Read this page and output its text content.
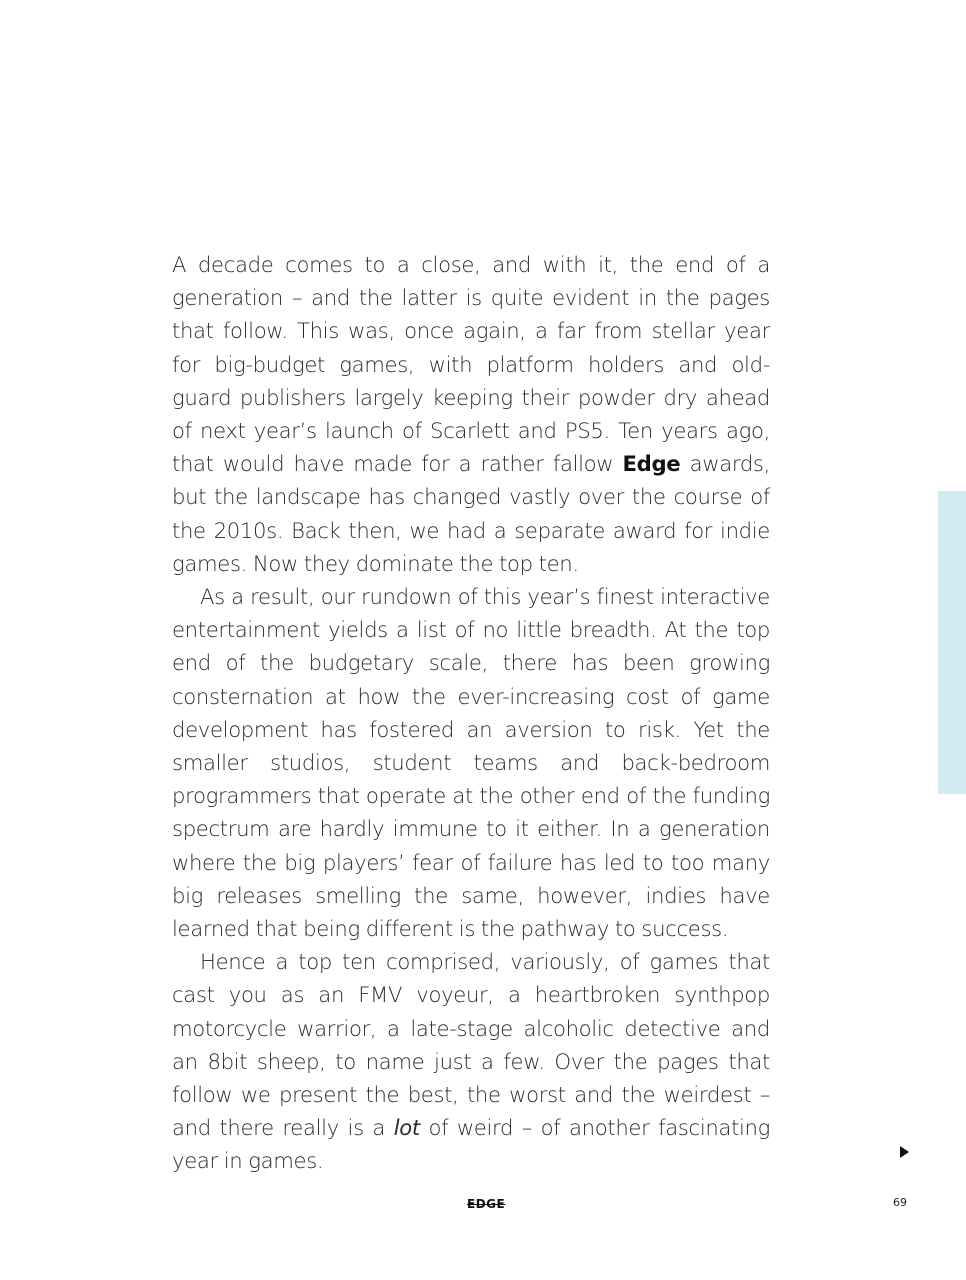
A decade comes to a close, and with it, the end of a generation – and the latter is quite evident in the pages that follow. This was, once again, a far from stellar year for big-budget games, with platform holders and old-guard publishers largely keeping their powder dry ahead of next year’s launch of Scarlett and PS5. Ten years ago, that would have made for a rather fallow Edge awards, but the landscape has changed vastly over the course of the 2010s. Back then, we had a separate award for indie games. Now they dominate the top ten.

As a result, our rundown of this year’s finest interactive entertainment yields a list of no little breadth. At the top end of the budgetary scale, there has been growing consternation at how the ever-increasing cost of game development has fostered an aversion to risk. Yet the smaller studios, student teams and back-bedroom programmers that operate at the other end of the funding spectrum are hardly immune to it either. In a generation where the big players’ fear of failure has led to too many big releases smelling the same, however, indies have learned that being different is the pathway to success.

Hence a top ten comprised, variously, of games that cast you as an FMV voyeur, a heartbroken synthpop motorcycle warrior, a late-stage alcoholic detective and an 8bit sheep, to name just a few. Over the pages that follow we present the best, the worst and the weirdest – and there really is a lot of weird – of another fascinating year in games.

EDGE	69
